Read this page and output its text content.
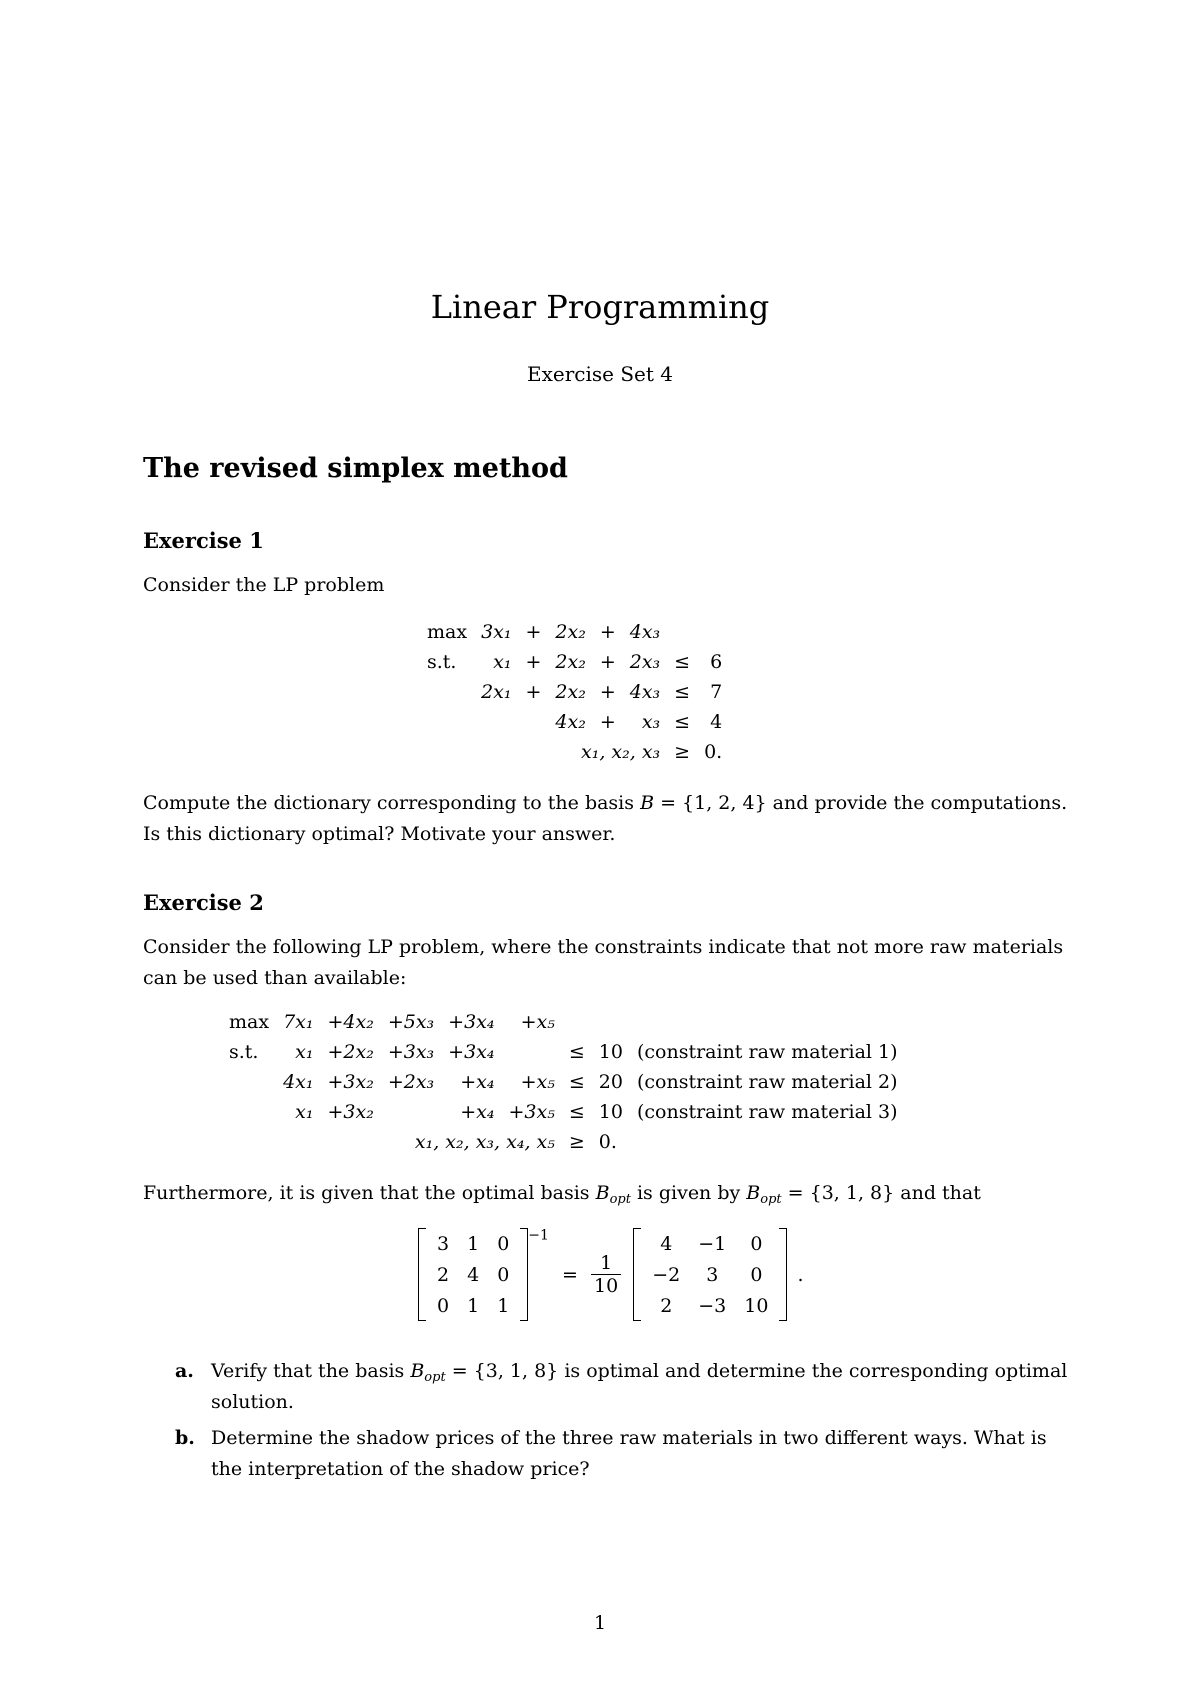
Linear Programming
Exercise Set 4
The revised simplex method
Exercise 1
Consider the LP problem
max	3x₁	+	2x₂	+	4x₃		
s.t.	x₁	+	2x₂	+	2x₃	≤	6
	2x₁	+	2x₂	+	4x₃	≤	7
			4x₂	+	x₃	≤	4
x₁, x₂, x₃						≥	0.
Compute the dictionary corresponding to the basis B = {1, 2, 4} and provide the computations.
Is this dictionary optimal? Motivate your answer.
Exercise 2
Consider the following LP problem, where the constraints indicate that not more raw materials can be used than available:
max	7x₁	+4x₂	+5x₃	+3x₄	+x₅			
s.t.	x₁	+2x₂	+3x₃	+3x₄		≤	10	(constraint raw material 1)
	4x₁	+3x₂	+2x₃	+x₄	+x₅	≤	20	(constraint raw material 2)
	x₁	+3x₂		+x₄	+3x₅	≤	10	(constraint raw material 3)
x₁, x₂, x₃, x₄, x₅						≥	0.	
Furthermore, it is given that the optimal basis $B_{opt}$ is given by $B_{opt} = \{3$, 1, 8} and that
3	1	0
2	4	0
0	1	1
$^{-1} = \frac{1}{10}$

4	−1	0
−2	3	0
2	−3	10
.
a. Verify that the basis $B_{opt} = \{3$, 1, 8} is optimal and determine the corresponding optimal solution.
b. Determine the shadow prices of the three raw materials in two different ways. What is the interpretation of the shadow price?
1
